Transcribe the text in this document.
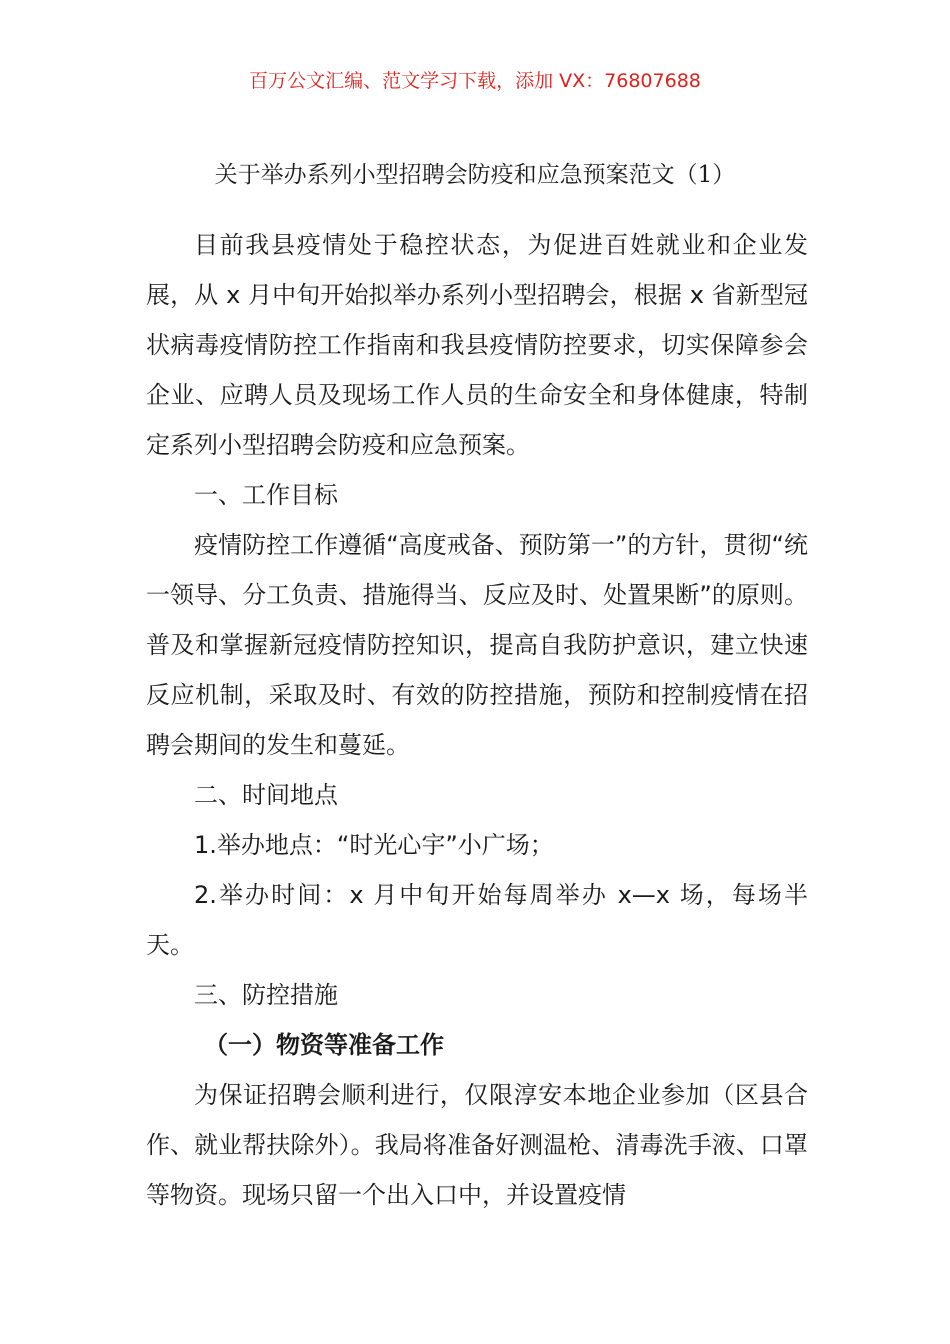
百万公文汇编、范文学习下载，添加 VX：76807688
关于举办系列小型招聘会防疫和应急预案范文（1）

目前我县疫情处于稳控状态，为促进百姓就业和企业发展，从 x 月中旬开始拟举办系列小型招聘会，根据 x 省新型冠状病毒疫情防控工作指南和我县疫情防控要求，切实保障参会企业、应聘人员及现场工作人员的生命安全和身体健康，特制定系列小型招聘会防疫和应急预案。

一、工作目标

疫情防控工作遵循“高度戒备、预防第一”的方针，贯彻“统一领导、分工负责、措施得当、反应及时、处置果断”的原则。普及和掌握新冠疫情防控知识，提高自我防护意识，建立快速反应机制，采取及时、有效的防控措施，预防和控制疫情在招聘会期间的发生和蔓延。

二、时间地点

1.举办地点：“时光心宇”小广场；

2.举办时间：x 月中旬开始每周举办 x—x 场，每场半天。

三、防控措施

（一）物资等准备工作

为保证招聘会顺利进行，仅限淳安本地企业参加（区县合作、就业帮扶除外）。我局将准备好测温枪、清毒洗手液、口罩等物资。现场只留一个出入口中，并设置疫情
